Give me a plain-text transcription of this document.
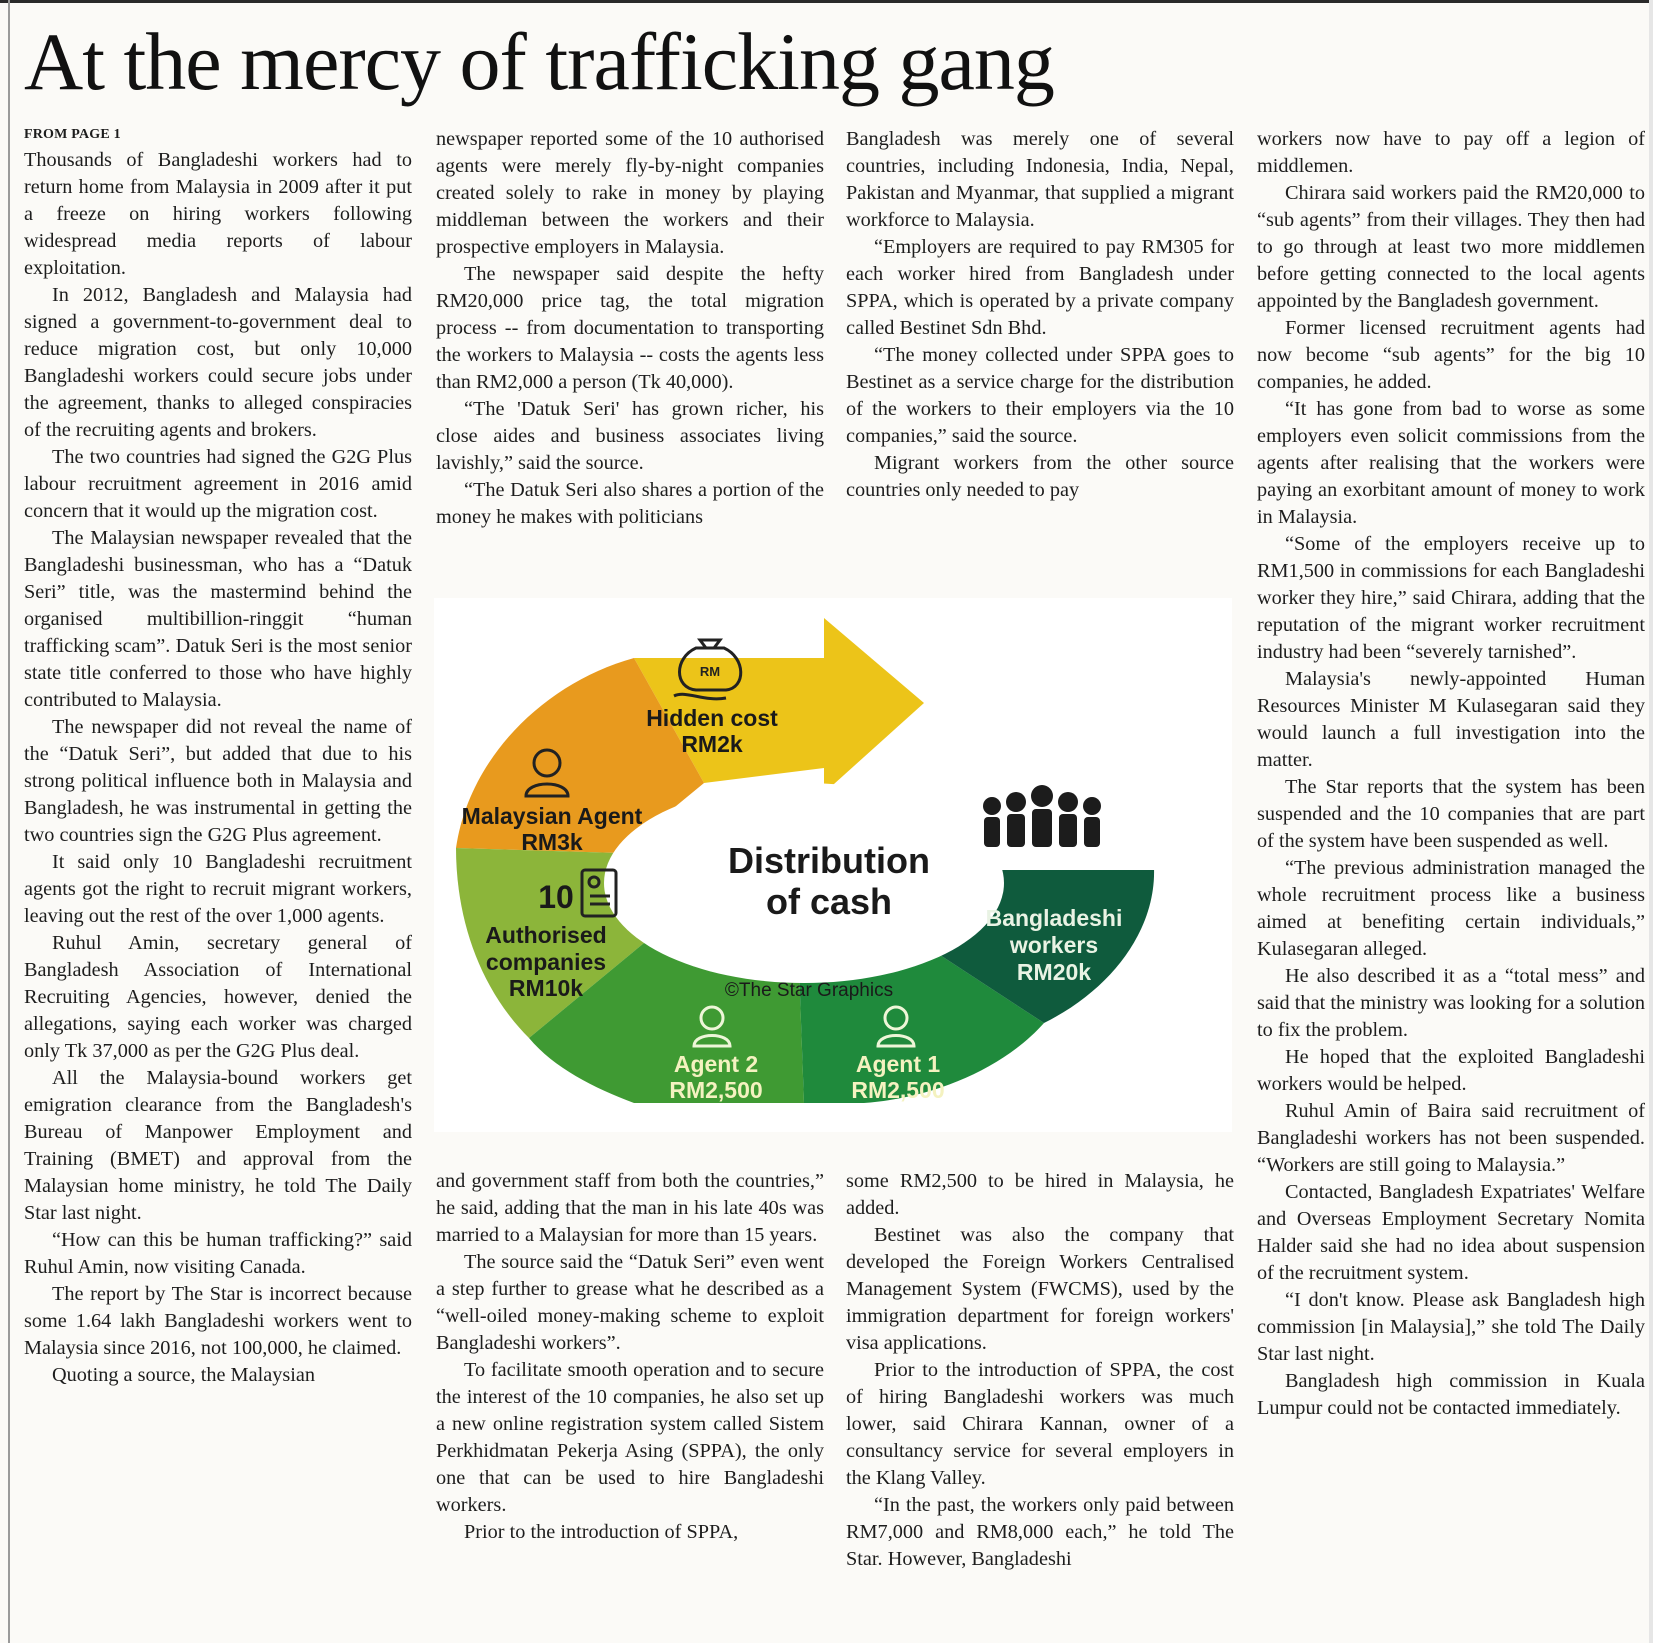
At the mercy of trafficking gang
FROM PAGE 1

Thousands of Bangladeshi workers had to return home from Malaysia in 2009 after it put a freeze on hiring workers following widespread media reports of labour exploitation.

In 2012, Bangladesh and Malaysia had signed a government-to-government deal to reduce migration cost, but only 10,000 Bangladeshi workers could secure jobs under the agreement, thanks to alleged conspiracies of the recruiting agents and brokers.

The two countries had signed the G2G Plus labour recruitment agreement in 2016 amid concern that it would up the migration cost.

The Malaysian newspaper revealed that the Bangladeshi businessman, who has a “Datuk Seri” title, was the mastermind behind the organised multibillion-ringgit “human trafficking scam”. Datuk Seri is the most senior state title conferred to those who have highly contributed to Malaysia.

The newspaper did not reveal the name of the “Datuk Seri”, but added that due to his strong political influence both in Malaysia and Bangladesh, he was instrumental in getting the two countries sign the G2G Plus agreement.

It said only 10 Bangladeshi recruitment agents got the right to recruit migrant workers, leaving out the rest of the over 1,000 agents.

Ruhul Amin, secretary general of Bangladesh Association of International Recruiting Agencies, however, denied the allegations, saying each worker was charged only Tk 37,000 as per the G2G Plus deal.

All the Malaysia-bound workers get emigration clearance from the Bangladesh's Bureau of Manpower Employment and Training (BMET) and approval from the Malaysian home ministry, he told The Daily Star last night.

“How can this be human trafficking?” said Ruhul Amin, now visiting Canada.

The report by The Star is incorrect because some 1.64 lakh Bangladeshi workers went to Malaysia since 2016, not 100,000, he claimed.

Quoting a source, the Malaysian

newspaper reported some of the 10 authorised agents were merely fly-by-night companies created solely to rake in money by playing middleman between the workers and their prospective employers in Malaysia.

The newspaper said despite the hefty RM20,000 price tag, the total migration process -- from documentation to transporting the workers to Malaysia -- costs the agents less than RM2,000 a person (Tk 40,000).

“The 'Datuk Seri' has grown richer, his close aides and business associates living lavishly,” said the source.

“The Datuk Seri also shares a portion of the money he makes with politicians

Bangladesh was merely one of several countries, including Indonesia, India, Nepal, Pakistan and Myanmar, that supplied a migrant workforce to Malaysia.

“Employers are required to pay RM305 for each worker hired from Bangladesh under SPPA, which is operated by a private company called Bestinet Sdn Bhd.

“The money collected under SPPA goes to Bestinet as a service charge for the distribution of the workers to their employers via the 10 companies,” said the source.

Migrant workers from the other source countries only needed to pay

and government staff from both the countries,” he said, adding that the man in his late 40s was married to a Malaysian for more than 15 years.

The source said the “Datuk Seri” even went a step further to grease what he described as a “well-oiled money-making scheme to exploit Bangladeshi workers”.

To facilitate smooth operation and to secure the interest of the 10 companies, he also set up a new online registration system called Sistem Perkhidmatan Pekerja Asing (SPPA), the only one that can be used to hire Bangladeshi workers.

Prior to the introduction of SPPA,

some RM2,500 to be hired in Malaysia, he added.

Bestinet was also the company that developed the Foreign Workers Centralised Management System (FWCMS), used by the immigration department for foreign workers' visa applications.

Prior to the introduction of SPPA, the cost of hiring Bangladeshi workers was much lower, said Chirara Kannan, owner of a consultancy service for several employers in the Klang Valley.

“In the past, the workers only paid between RM7,000 and RM8,000 each,” he told The Star. However, Bangladeshi

workers now have to pay off a legion of middlemen.

Chirara said workers paid the RM20,000 to “sub agents” from their villages. They then had to go through at least two more middlemen before getting connected to the local agents appointed by the Bangladesh government.

Former licensed recruitment agents had now become “sub agents” for the big 10 companies, he added.

“It has gone from bad to worse as some employers even solicit commissions from the agents after realising that the workers were paying an exorbitant amount of money to work in Malaysia.

“Some of the employers receive up to RM1,500 in commissions for each Bangladeshi worker they hire,” said Chirara, adding that the reputation of the migrant worker recruitment industry had been “severely tarnished”.

Malaysia's newly-appointed Human Resources Minister M Kulasegaran said they would launch a full investigation into the matter.

The Star reports that the system has been suspended and the 10 companies that are part of the system have been suspended as well.

“The previous administration managed the whole recruitment process like a business aimed at benefiting certain individuals,” Kulasegaran alleged.

He also described it as a “total mess” and said that the ministry was looking for a solution to fix the problem.

He hoped that the exploited Bangladeshi workers would be helped.

Ruhul Amin of Baira said recruitment of Bangladeshi workers has not been suspended. “Workers are still going to Malaysia.”

Contacted, Bangladesh Expatriates' Welfare and Overseas Employment Secretary Nomita Halder said she had no idea about suspension of the recruitment system.

“I don't know. Please ask Bangladesh high commission [in Malaysia],” she told The Daily Star last night.

Bangladesh high commission in Kuala Lumpur could not be contacted immediately.

RM
Hidden cost
RM2k
Malaysian Agent
RM3k
10
Authorised
companies
RM10k
Agent 2
RM2,500
Agent 1
RM2,500
Bangladeshi
workers
RM20k
Distribution
of cash
©The Star Graphics
